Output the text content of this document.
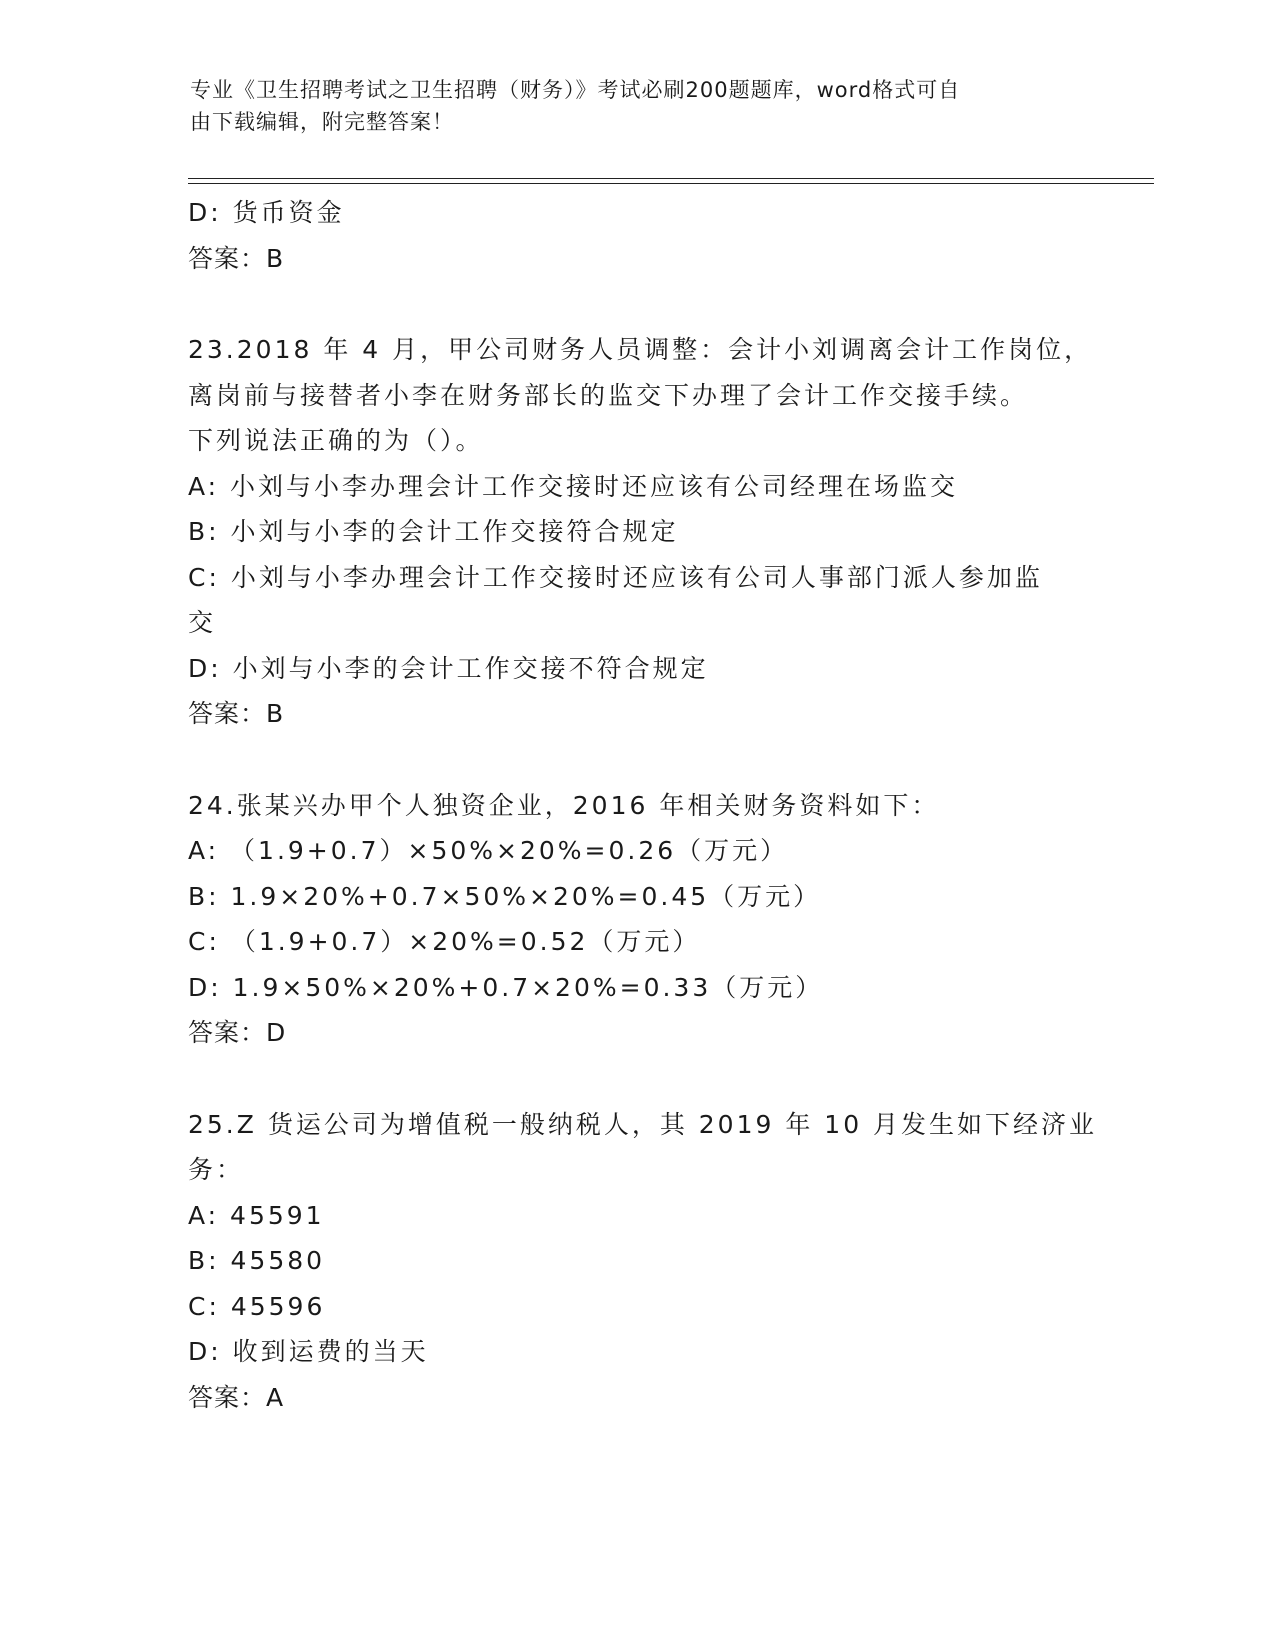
专业《卫生招聘考试之卫生招聘（财务）》考试必刷200题题库，word格式可自
由下载编辑，附完整答案！
D: 货币资金
答案：B
23.2018 年 4 月，甲公司财务人员调整：会计小刘调离会计工作岗位，
离岗前与接替者小李在财务部长的监交下办理了会计工作交接手续。
下列说法正确的为（）。
A: 小刘与小李办理会计工作交接时还应该有公司经理在场监交
B: 小刘与小李的会计工作交接符合规定
C: 小刘与小李办理会计工作交接时还应该有公司人事部门派人参加监
交
D: 小刘与小李的会计工作交接不符合规定
答案：B
24.张某兴办甲个人独资企业，2016 年相关财务资料如下：
A: （1.9+0.7）×50%×20%=0.26（万元）
B: 1.9×20%+0.7×50%×20%=0.45（万元）
C: （1.9+0.7）×20%=0.52（万元）
D: 1.9×50%×20%+0.7×20%=0.33（万元）
答案：D
25.Z 货运公司为增值税一般纳税人，其 2019 年 10 月发生如下经济业
务：
A: 45591
B: 45580
C: 45596
D: 收到运费的当天
答案：A
